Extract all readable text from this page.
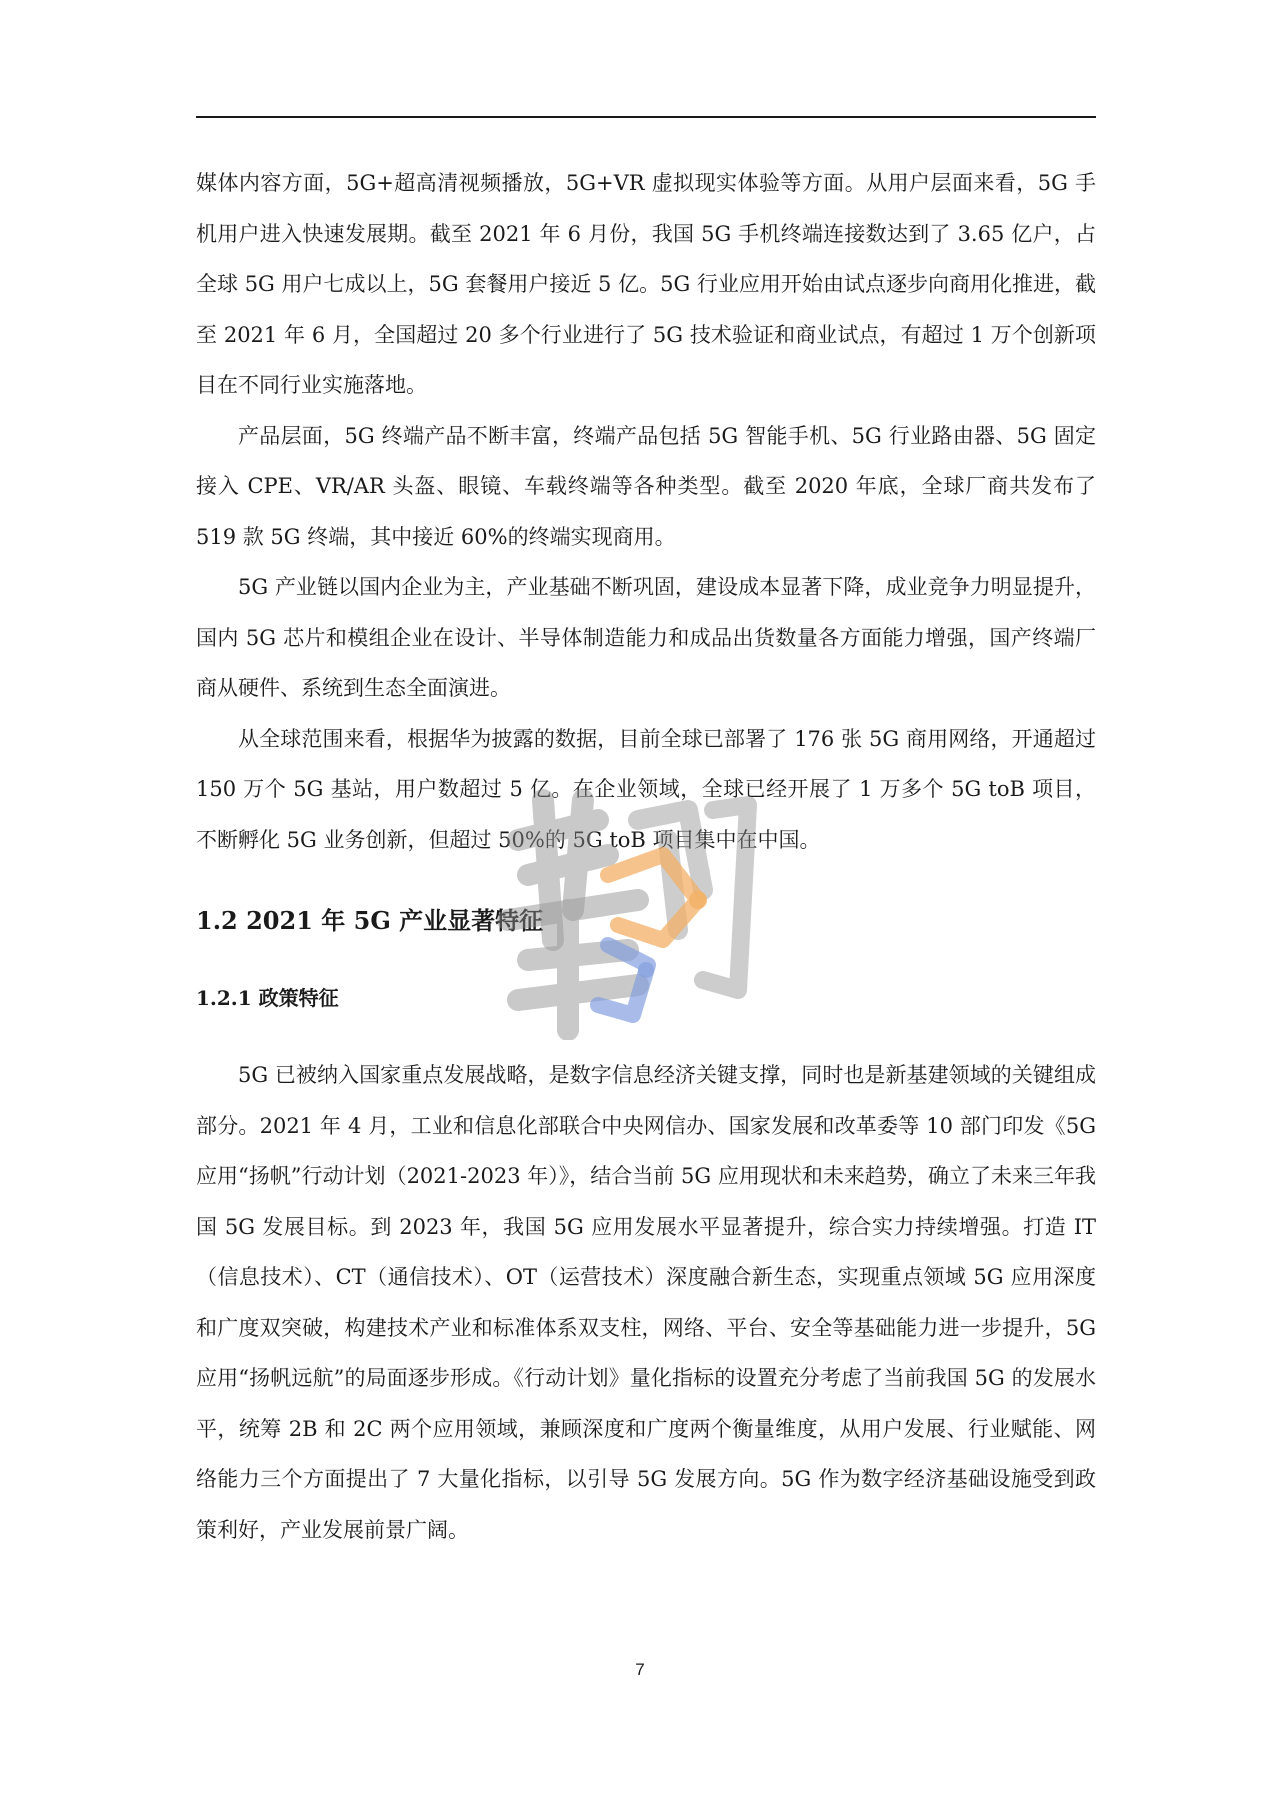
媒体内容方面，5G+超高清视频播放，5G+VR 虚拟现实体验等方面。从用户层面来看，5G 手机用户进入快速发展期。截至 2021 年 6 月份，我国 5G 手机终端连接数达到了 3.65 亿户，占全球 5G 用户七成以上，5G 套餐用户接近 5 亿。5G 行业应用开始由试点逐步向商用化推进，截至 2021 年 6 月，全国超过 20 多个行业进行了 5G 技术验证和商业试点，有超过 1 万个创新项目在不同行业实施落地。

产品层面，5G 终端产品不断丰富，终端产品包括 5G 智能手机、5G 行业路由器、5G 固定接入 CPE、VR/AR 头盔、眼镜、车载终端等各种类型。截至 2020 年底，全球厂商共发布了 519 款 5G 终端，其中接近 60%的终端实现商用。

5G 产业链以国内企业为主，产业基础不断巩固，建设成本显著下降，成业竞争力明显提升，国内 5G 芯片和模组企业在设计、半导体制造能力和成品出货数量各方面能力增强，国产终端厂商从硬件、系统到生态全面演进。

从全球范围来看，根据华为披露的数据，目前全球已部署了 176 张 5G 商用网络，开通超过 150 万个 5G 基站，用户数超过 5 亿。在企业领域，全球已经开展了 1 万多个 5G toB 项目，不断孵化 5G 业务创新，但超过 50%的 5G toB 项目集中在中国。

1.2 2021 年 5G 产业显著特征
1.2.1 政策特征

5G 已被纳入国家重点发展战略，是数字信息经济关键支撑，同时也是新基建领域的关键组成部分。2021 年 4 月，工业和信息化部联合中央网信办、国家发展和改革委等 10 部门印发《5G 应用“扬帆”行动计划（2021-2023 年）》，结合当前 5G 应用现状和未来趋势，确立了未来三年我国 5G 发展目标。到 2023 年，我国 5G 应用发展水平显著提升，综合实力持续增强。打造 IT（信息技术）、CT（通信技术）、OT（运营技术）深度融合新生态，实现重点领域 5G 应用深度和广度双突破，构建技术产业和标准体系双支柱，网络、平台、安全等基础能力进一步提升，5G 应用“扬帆远航”的局面逐步形成。《行动计划》量化指标的设置充分考虑了当前我国 5G 的发展水平，统筹 2B 和 2C 两个应用领域，兼顾深度和广度两个衡量维度，从用户发展、行业赋能、网络能力三个方面提出了 7 大量化指标，以引导 5G 发展方向。5G 作为数字经济基础设施受到政策利好，产业发展前景广阔。

7
